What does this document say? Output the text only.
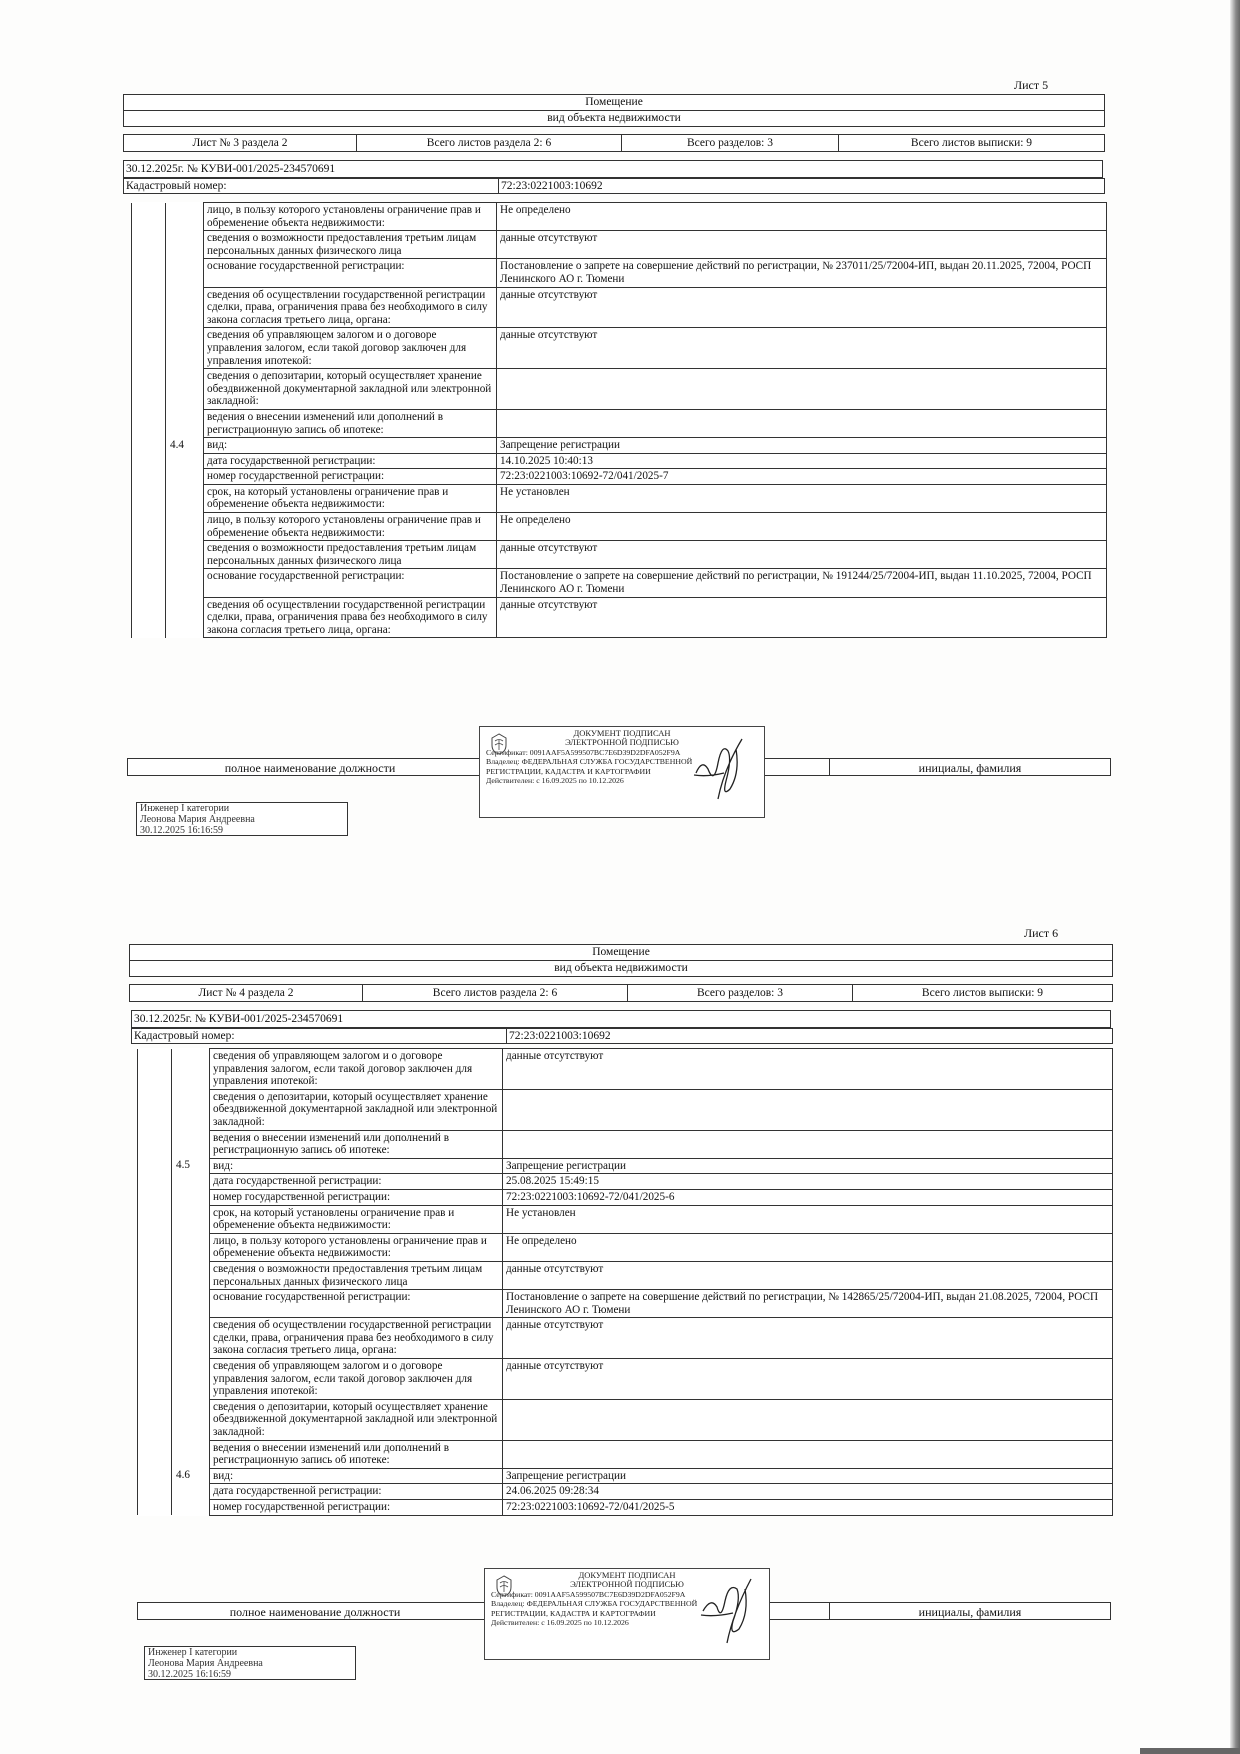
Лист 5
Помещение
вид объекта недвижимости
Лист № 3 раздела 2	Всего листов раздела 2: 6	Всего разделов: 3	Всего листов выписки: 9
30.12.2025г. № КУВИ-001/2025-234570691
Кадастровый номер:	72:23:0221003:10692
		лицо, в пользу которого установлены ограничение прав и обременение объекта недвижимости:	Не определено
		сведения о возможности предоставления третьим лицам персональных данных физического лица	данные отсутствуют
		основание государственной регистрации:	Постановление о запрете на совершение действий по регистрации, № 237011/25/72004-ИП, выдан 20.11.2025, 72004, РОСП Ленинского АО г. Тюмени
		сведения об осуществлении государственной регистрации сделки, права, ограничения права без необходимого в силу закона согласия третьего лица, органа:	данные отсутствуют
		сведения об управляющем залогом и о договоре управления залогом, если такой договор заключен для управления ипотекой:	данные отсутствуют
		сведения о депозитарии, который осуществляет хранение обездвиженной документарной закладной или электронной закладной:	
		ведения о внесении изменений или дополнений в регистрационную запись об ипотеке:	
	4.4	вид:	Запрещение регистрации
		дата государственной регистрации:	14.10.2025 10:40:13
		номер государственной регистрации:	72:23:0221003:10692-72/041/2025-7
		срок, на который установлены ограничение прав и обременение объекта недвижимости:	Не установлен
		лицо, в пользу которого установлены ограничение прав и обременение объекта недвижимости:	Не определено
		сведения о возможности предоставления третьим лицам персональных данных физического лица	данные отсутствуют
		основание государственной регистрации:	Постановление о запрете на совершение действий по регистрации, № 191244/25/72004-ИП, выдан 11.10.2025, 72004, РОСП Ленинского АО г. Тюмени
		сведения об осуществлении государственной регистрации сделки, права, ограничения права без необходимого в силу закона согласия третьего лица, органа:	данные отсутствуют
полное наименование должности	инициалы, фамилия
ДОКУМЕНТ ПОДПИСАН
ЭЛЕКТРОННОЙ ПОДПИСЬЮ
Сертификат: 0091AAF5A599507BC7E6D39D2DFA052F9A
Владелец: ФЕДЕРАЛЬНАЯ СЛУЖБА ГОСУДАРСТВЕННОЙ
РЕГИСТРАЦИИ, КАДАСТРА И КАРТОГРАФИИ
Действителен: с 16.09.2025 по 10.12.2026
Инженер I категории
Леонова Мария Андреевна
30.12.2025 16:16:59
Лист 6
Помещение
вид объекта недвижимости
Лист № 4 раздела 2	Всего листов раздела 2: 6	Всего разделов: 3	Всего листов выписки: 9
30.12.2025г. № КУВИ-001/2025-234570691
Кадастровый номер:	72:23:0221003:10692
		сведения об управляющем залогом и о договоре управления залогом, если такой договор заключен для управления ипотекой:	данные отсутствуют
		сведения о депозитарии, который осуществляет хранение обездвиженной документарной закладной или электронной закладной:	
		ведения о внесении изменений или дополнений в регистрационную запись об ипотеке:	
	4.5	вид:	Запрещение регистрации
		дата государственной регистрации:	25.08.2025 15:49:15
		номер государственной регистрации:	72:23:0221003:10692-72/041/2025-6
		срок, на который установлены ограничение прав и обременение объекта недвижимости:	Не установлен
		лицо, в пользу которого установлены ограничение прав и обременение объекта недвижимости:	Не определено
		сведения о возможности предоставления третьим лицам персональных данных физического лица	данные отсутствуют
		основание государственной регистрации:	Постановление о запрете на совершение действий по регистрации, № 142865/25/72004-ИП, выдан 21.08.2025, 72004, РОСП Ленинского АО г. Тюмени
		сведения об осуществлении государственной регистрации сделки, права, ограничения права без необходимого в силу закона согласия третьего лица, органа:	данные отсутствуют
		сведения об управляющем залогом и о договоре управления залогом, если такой договор заключен для управления ипотекой:	данные отсутствуют
		сведения о депозитарии, который осуществляет хранение обездвиженной документарной закладной или электронной закладной:	
		ведения о внесении изменений или дополнений в регистрационную запись об ипотеке:	
	4.6	вид:	Запрещение регистрации
		дата государственной регистрации:	24.06.2025 09:28:34
		номер государственной регистрации:	72:23:0221003:10692-72/041/2025-5
полное наименование должности	инициалы, фамилия
ДОКУМЕНТ ПОДПИСАН
ЭЛЕКТРОННОЙ ПОДПИСЬЮ
Сертификат: 0091AAF5A599507BC7E6D39D2DFA052F9A
Владелец: ФЕДЕРАЛЬНАЯ СЛУЖБА ГОСУДАРСТВЕННОЙ
РЕГИСТРАЦИИ, КАДАСТРА И КАРТОГРАФИИ
Действителен: с 16.09.2025 по 10.12.2026
Инженер I категории
Леонова Мария Андреевна
30.12.2025 16:16:59
